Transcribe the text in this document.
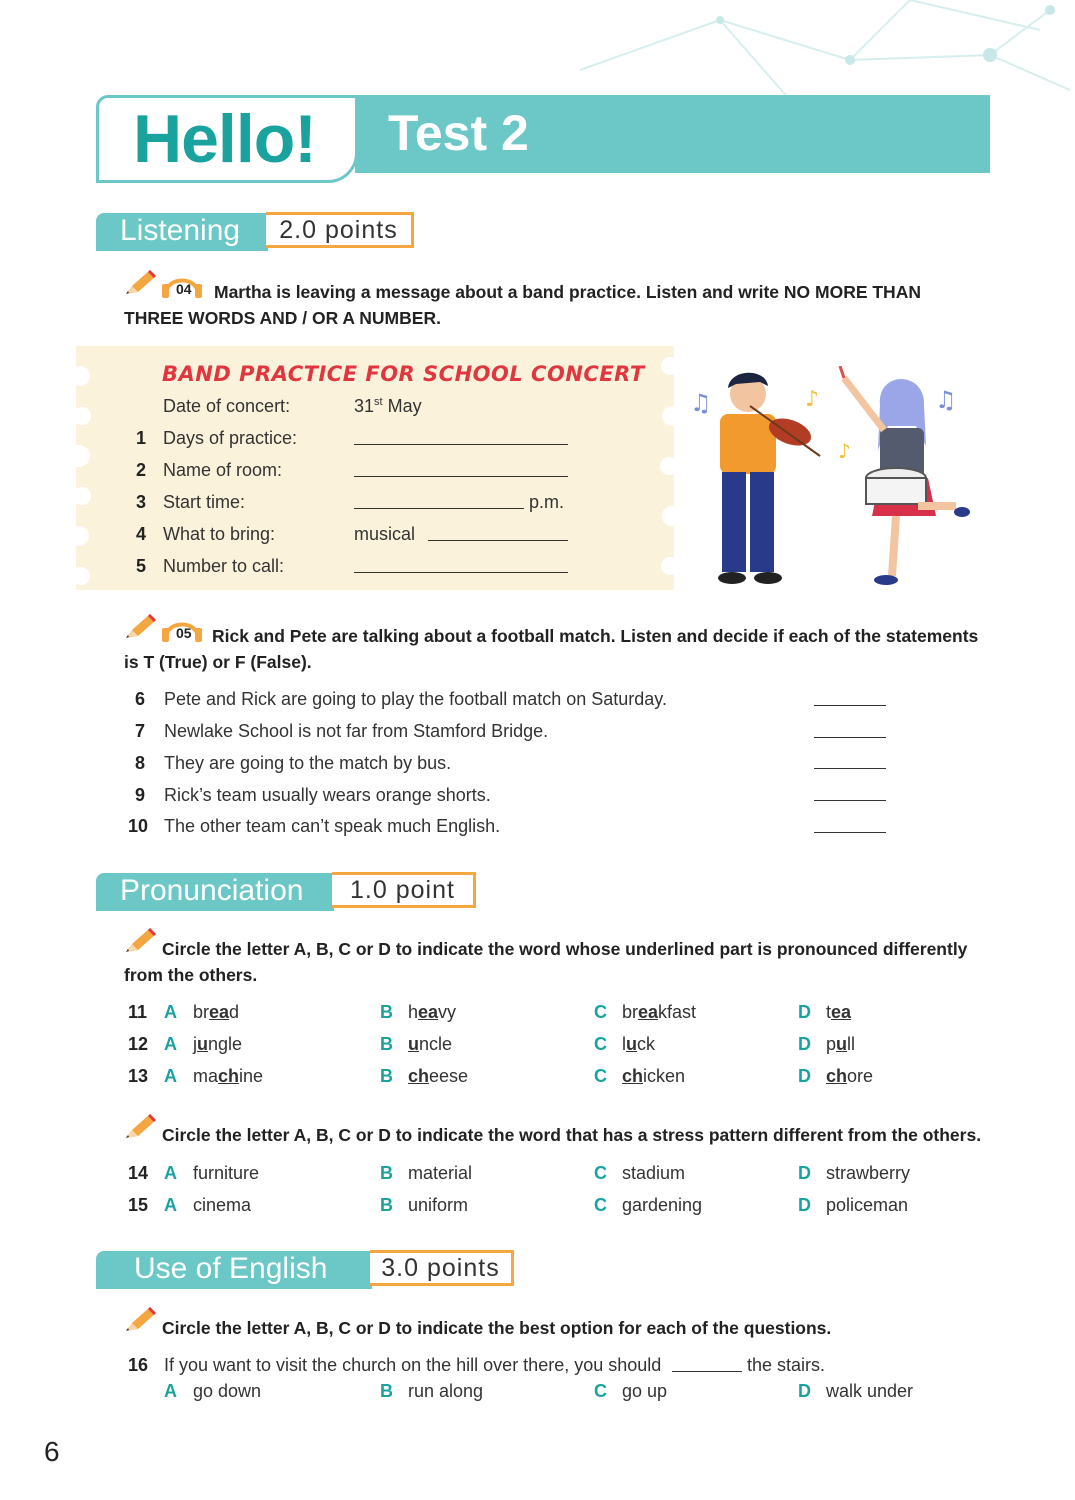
Hello! Test 2
Listening	2.0 points
04	Martha is leaving a message about a band practice. Listen and write NO MORE THAN THREE WORDS AND / OR A NUMBER.
BAND PRACTICE FOR SCHOOL CONCERT
Date of concert:	31st May
1 Days of practice:
2 Name of room:
3 Start time:	p.m.
4 What to bring:	musical
5 Number to call:
♫	♪
♪
♫
05	Rick and Pete are talking about a football match. Listen and decide if each of the statements is T (True) or F (False).
6 Pete and Rick are going to play the football match on Saturday.
7 Newlake School is not far from Stamford Bridge.
8 They are going to the match by bus.
9 Rick’s team usually wears orange shorts.
10 The other team can’t speak much English.
Pronunciation	1.0 point
Circle the letter A, B, C or D to indicate the word whose underlined part is pronounced differently from the others.
11 A bread	B heavy	C breakfast	D tea
12 A jungle	B uncle	C luck	D pull
13 A machine	B cheese	C chicken	D chore
Circle the letter A, B, C or D to indicate the word that has a stress pattern different from the others.
14 A furniture	B material	C stadium	D strawberry
15 A cinema	B uniform	C gardening	D policeman
Use of English	3.0 points
Circle the letter A, B, C or D to indicate the best option for each of the questions.
16 If you want to visit the church on the hill over there, you should	the stairs.
A go down	B run along	C go up	D walk under
6
